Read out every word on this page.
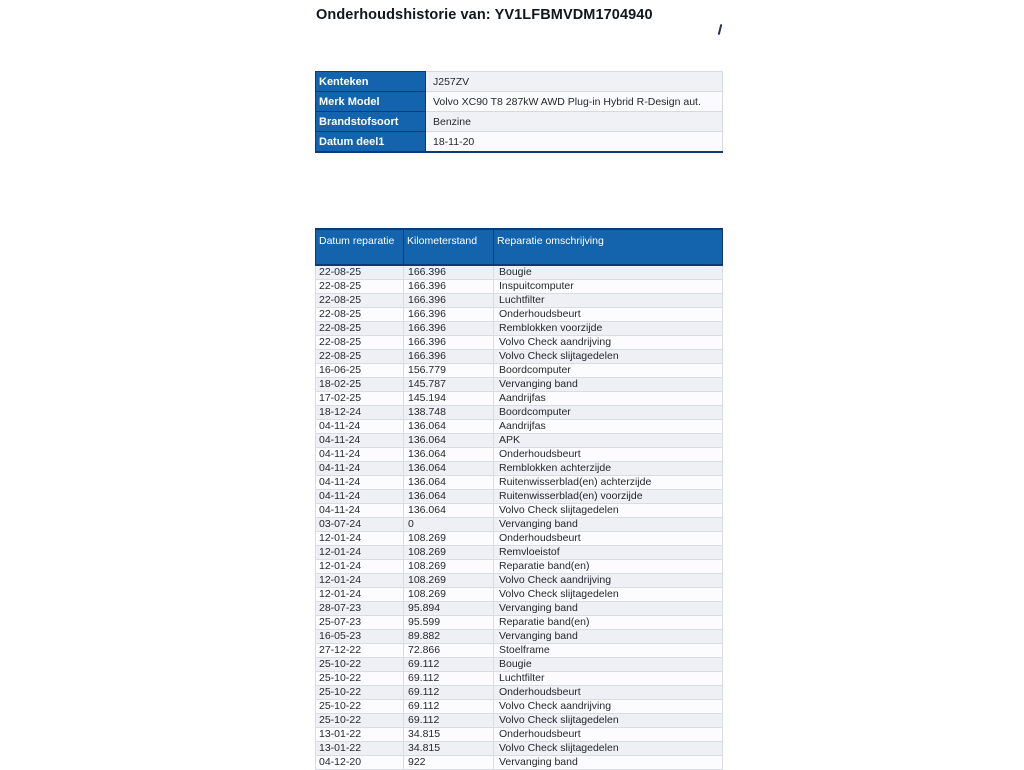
Onderhoudshistorie van: YV1LFBMVDM1704940
Kenteken	J257ZV
Merk Model	Volvo XC90 T8 287kW AWD Plug-in Hybrid R-Design aut.
Brandstofsoort	Benzine
Datum deel1	18-11-20
Datum reparatie	Kilometerstand	Reparatie omschrijving
22-08-25	166.396	Bougie
22-08-25	166.396	Inspuitcomputer
22-08-25	166.396	Luchtfilter
22-08-25	166.396	Onderhoudsbeurt
22-08-25	166.396	Remblokken voorzijde
22-08-25	166.396	Volvo Check aandrijving
22-08-25	166.396	Volvo Check slijtagedelen
16-06-25	156.779	Boordcomputer
18-02-25	145.787	Vervanging band
17-02-25	145.194	Aandrijfas
18-12-24	138.748	Boordcomputer
04-11-24	136.064	Aandrijfas
04-11-24	136.064	APK
04-11-24	136.064	Onderhoudsbeurt
04-11-24	136.064	Remblokken achterzijde
04-11-24	136.064	Ruitenwisserblad(en) achterzijde
04-11-24	136.064	Ruitenwisserblad(en) voorzijde
04-11-24	136.064	Volvo Check slijtagedelen
03-07-24	0	Vervanging band
12-01-24	108.269	Onderhoudsbeurt
12-01-24	108.269	Remvloeistof
12-01-24	108.269	Reparatie band(en)
12-01-24	108.269	Volvo Check aandrijving
12-01-24	108.269	Volvo Check slijtagedelen
28-07-23	95.894	Vervanging band
25-07-23	95.599	Reparatie band(en)
16-05-23	89.882	Vervanging band
27-12-22	72.866	Stoelframe
25-10-22	69.112	Bougie
25-10-22	69.112	Luchtfilter
25-10-22	69.112	Onderhoudsbeurt
25-10-22	69.112	Volvo Check aandrijving
25-10-22	69.112	Volvo Check slijtagedelen
13-01-22	34.815	Onderhoudsbeurt
13-01-22	34.815	Volvo Check slijtagedelen
04-12-20	922	Vervanging band
